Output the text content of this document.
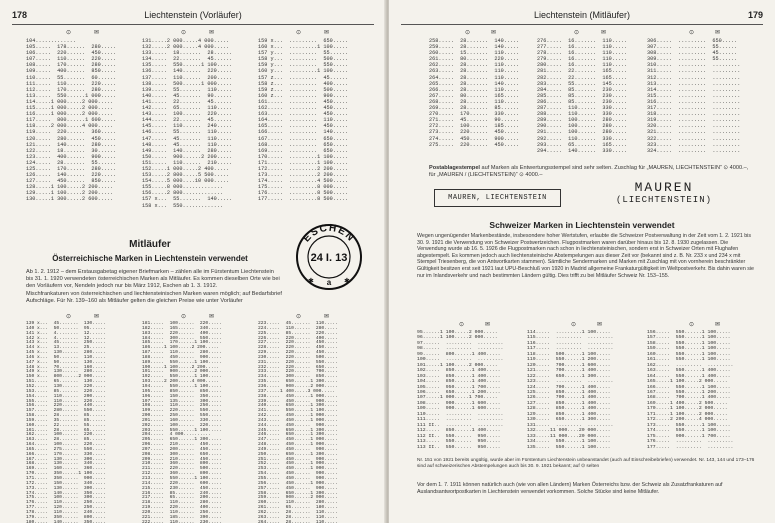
178	Liechtenstein (Vorläufer)
⊙	✉	⊙	✉	⊙	✉
104.............
105.....  178......  280.....
106.....  220......  450.....
107.....  110......  220.....
108.....  170......  280.....
109.....  400......  850.....
110.....  55.......  60......
111.....  110......  220.....
112.....  170......  280.....
113.....  550......1 000.....
114.....1 000.....2 000.....
115.....1 000.....2 000.....
116.....1 000.....2 000.....
117.....  800......1 600.....
118.....2 000.....4 000.....
119.....  220......  360.....
120.....  280......  450.....
121.....  140......  280.....
122.....  18.......  30......
123.....  400......  900.....
124.....  28.......  55......
125.....  170......  280.....
126.....  140......  220.....
127.....  450......  850.....
128.....1 100.....2 200.....
129.....1 100.....2 200.....
130.....1 300.....2 600.....
131.....2 000.....4 000.....
132.....2 000.....4 000.....
133.....  18.......  28......
134.....  22.......  45......
135.....  550......1 100.....
136.....  140......  220.....
137.....  110......  200.....
138.....  500......1 000.....
139.....  55.......  110.....
140.....  45.......  90......
141.....  22.......  45......
142.....  65.......  110.....
143.....  100......  220.....
144.....  22.......  45......
145.....  110......  240.....
146.....  55.......  110.....
147.....  45.......  110.....
148.....  45.......  110.....
149.....  140......  280.....
150.....  900......2 200.....
151.....  110......  210.....
152.....1 000.....2 400.....
153.....2 800.....5 500.....
154.....5 000....10 000.....
155.....8 000.............
156.....2 800.............
157 x...  55.......  140.....
158 x...  550.............
159 x...  .........  650.....
160 x...  .........1 100.....
157 y...  .........  55......
158 y...  .........  500.....
159 y...  .........  550.....
160 y...  .........1 100.....
157 z...  .........  45......
158 z...  .........  400.....
159 z...  .........  500.....
160 z...  .........  900.....
161.....  .........  450.....
162.....  .........  450.....
163.....  .........  450.....
164.....  .........  110.....
165.....  .........  450.....
166.....  .........  140.....
167.....  .........  650.....
168.....  .........  650.....
169.....  .........  650.....
170.....  .........1 100.....
171.....  .........1 100.....
172.....  .........2 200.....
173.....  .........2 200.....
174.....  .........4 500.....
175.....  .........8 000.....
176.....  .........8 500.....
177.....  .........8 500.....
Mitläufer
Österreichische Marken in Liechtenstein verwendet
Ab 1. 2. 1912 – dem Erstausgabetag eigener Briefmarken – zählen alle im Fürstentum Liechtenstein bis 31. 1. 1920 verwendeten österreichischen Marken als Mitläufer. Es kommen dieselben Orte wie bei den Vorläufern vor, Nendeln jedoch nur bis März 1912, Eschen ab 1. 3. 1912.
Mischfrankaturen von österreichischen und liechtensteinischen Marken waren möglich; auf Bedarfsbrief Aufschläge. Für Nr. 139–160 als Mitläufer gelten die gleichen Preise wie unter Vorläufer
ESCHEN
24 I. 13
a
✱	✱
⊙	✉	⊙	✉	⊙	✉
139 x...  45.......  130.....
140 x...  50.......  95......
141 x...  4........  12......
142 x...  4........  12......
143 x...  45.......  250.....
144 x...  13.......  25......
145 x...  130......  280.....
146 x...  50.......  110.....
147 x...  50.......  130.....
148 x...  70.......  160.....
149 x...  130......  280.....
150 x...  800......2 000.....
151.....  65.......  130.....
152.....  130......  220.....
153.....  85.......  220.....
154.....  110......  200.....
155.....  110......  220.....
156.....  220......  440.....
157.....  280......  550.....
158.....  28.......  85......
159.....  35.......  85......
160.....  22.......  55......
161.....  28.......  65......
162.....  100......  220.....
163.....  28.......  85......
164.....  100......  220.....
165.....  275......  550.....
166.....  170......  330.....
167.....  130......  300.....
168.....  130......  340.....
169.....  160......  360.....
170.....  350......1 100.....
171.....  350......  900.....
172.....  150......  340.....
173.....  130......  300.....
174.....  140......  350.....
175.....  100......  300.....
176.....  110......  250.....
177.....  120......  250.....
178.....  110......  240.....
179.....  350......  800.....
180.....  140......  350.....
181.....  100......  220.....
182.....  165......  340.....
183.....  220......  400.....
184.....  300......  550.....
185.....  170......1 100.....
186.....1 100.....2 200.....
187.....  110......  280.....
188.....  450......  900.....
189.....  550......1 100.....
190.....1 100.....2 200.....
191.....  900......2 000.....
192.....  550......1 100.....
193.....2 200.....4 000.....
194.....  550......1 100.....
195.....  850......  850.....
196.....  150......  350.....
197.....  135......  300.....
198.....  110......  250.....
199.....  220......  550.....
200.....  250......  550.....
201.....  160......  330.....
202.....  100......  220.....
203.....  550......1 100.....
204.....  4 000..........
205.....  650......1 300.....
206.....  210......  450.....
207.....  200......  450.....
208.....  300......  650.....
209.....  210......  450.....
210.....  360......  800.....
211.....  220......  500.....
212.....  360......  800.....
213.....  550......1 100.....
214.....  220......  600.....
215.....  230......  450.....
216.....  85.......  240.....
217.....  65.......  200.....
218.....  110......  280.....
219.....  220......  400.....
220.....  110......  250.....
221.....  185......  390.....
222.....  110......  230.....
223.....  45.......  110.....
224.....  110......  280.....
225.....  85.......  220.....
226.....  220......  400.....
227.....  220......  450.....
228.....  220......  450.....
229.....  220......  450.....
230.....  220......  500.....
231.....  220......  550.....
232.....  220......  650.....
233.....  220......  700.....
234.....  300......  850.....
235.....  650......1 300.....
236.....  900......2 000.....
237.....1 400.....3 000.....
238.....  450......1 000.....
239.....  450......  900.....
240.....  650......1 300.....
241.....  550......1 100.....
242.....  450......1 000.....
243.....  450......1 000.....
244.....  450......  900.....
245.....  650......1 300.....
246.....  650......1 300.....
247.....  450......1 000.....
248.....  450......1 000.....
249.....  450......  900.....
250.....  650......1 300.....
251.....  450......  900.....
252.....  450......1 000.....
253.....  450......1 000.....
254.....  450......  900.....
255.....  450......  900.....
256.....  450......1 000.....
257.....  450......  900.....
258.....  650......1 300.....
259.....  900......2 000.....
260.....  110......  280.....
261.....  65.......  180.....
262.....  28.......  110.....
263.....  28.......  110.....
264.....  28.......  110.....
Liechtenstein (Mitläufer)	179
⊙	✉	⊙	✉	⊙	✉
258.....  28.......  140.....
259.....  28.......  140.....
260.....  15.......  110.....
261.....  80.......  220.....
262.....  28.......  110.....
263.....  28.......  110.....
264.....  28.......  110.....
265.....  28.......  140.....
266.....  28.......  110.....
267.....  80.......  165.....
268.....  28.......  110.....
269.....  28.......  85......
270.....  170......  330.....
271.....  45.......  90......
272.....  100......  185.....
273.....  220......  450.....
274.....  450......  900.....
275.....  220......  450.....
276.....  16.......  110.....
277.....  16.......  110.....
278.....  16.......  110.....
279.....  16.......  110.....
280.....  16.......  110.....
281.....  22.......  165.....
282.....  22.......  165.....
283.....  55.......  145.....
284.....  85.......  230.....
285.....  85.......  230.....
286.....  85.......  230.....
287.....  110......  330.....
288.....  110......  330.....
289.....  100......  280.....
290.....  100......  280.....
291.....  100......  280.....
292.....  110......  330.....
293.....  65.......  165.....
294.....  140......  330.....
306.....  .........  650.....
307.....  .........  55......
308.....  .........  45......
309.....  .........  55......
310.....  .........  .........
311.....  .........  .........
312.....  .........  .........
313.....  .........  .........
314.....  .........  .........
315.....  .........  .........
316.....  .........  .........
317.....  .........  .........
318.....  .........  .........
319.....  .........  .........
320.....  .........  .........
321.....  .........  .........
322.....  .........  .........
323.....  .........  .........
324.....  .........  .........
Postablagestempel auf Marken als Entwertungsstempel sind sehr selten. Zuschlag für „MAUREN, LIECHTENSTEIN“ ⊙ 4000.–, für „MAUREN / (LIECHTENSTEIN)“ ⊙ 4000.–
MAUREN, LIECHTENSTEIN
MAUREN
(LIECHTENSTEIN)
Schweizer Marken in Liechtenstein verwendet
Wegen ungenügender Markenbestände, insbesondere hoher Wertstufen, erlaubte die Schweizer Postverwaltung in der Zeit vom 1. 2. 1921 bis 30. 9. 1921 die Verwendung von Schweizer Postwertzeichen. Flugpostmarken waren darüber hinaus bis 12. 8. 1930 zugelassen. Die Verwendung wurde ab 16. 5. 1926 die Flugpostmarken nach schon in liechtensteinischen, sondern erst in Schweizer Orten mit Flughafen abgestempelt. Es kommen jedoch auch liechtensteinische Abstempelungen aus dieser Zeit vor (bekannt sind z. B. Nr. 233 x und 234 x mit Stempel Triesenberg, die von Antwortkarten stammen). Sämtliche Sendermarken und Marken mit Zuschlag mit von vornherein beschränkter Gültigkeit besitzen erst seit 1921 laut UPU-Beschluß von 1920 in Madrid allgemeine Frankaturgültigkeit im Weltpostverkehr. Bis dahin waren sie nur im Inlandsverkehr und nach bestimmten Ländern gültig. Dies trifft zu bei Mitläufer Schweiz Nr. 153–155.
⊙	✉	⊙	✉	⊙	✉
95......1 100.....2 000.....
96......1 100.....2 000.....
97......  .........  .........
98......  .........  .........
99......  800......1 400.....
100.....  .........  .........
101.....1 100.....2 000.....
102.....  850......1 400.....
103.....  850......1 400.....
104.....  850......1 400.....
105.....  950......1 700.....
106.....  650......1 200.....
107.....1 000.....1 700.....
108.....  900......1 600.....
109.....  900......1 600.....
110.....  .........  .........
111.....  .........  .........
111 II..  .........  .........
112.....  850......1 400.....
112 II..  550......  950.....
113.....  550......  950.....
113 II..  550......  950.....
114.....  .........1 100.....
115.....  .........  .........
116.....  .........  .........
117.....  .........  .........
118.....  500......1 100.....
119.....  550......1 200.....
120.....  700......1 600.....
121.....  700......1 400.....
122.....  650......1 300.....
123.....  .........  .........
124.....  700......1 400.....
125.....  850......1 400.....
126.....  700......1 400.....
127.....  850......1 400.....
128.....  850......1 400.....
129.....  850......1 400.....
130.....  650......1 300.....
131.....  .........  .........
132.....11 000....20 000.....
133.....11 000....20 000.....
134.....  550......1 100.....
135.....  550......1 100.....
156.....  550......1 100.....
157.....  550......1 100.....
158.....  550......1 100.....
159.....  550......1 100.....
160.....  550......1 100.....
161.....  550......1 100.....
162.....  .........  .........
163.....  550......1 400.....
164.....  550......1 400.....
165.....1 100.....2 000.....
166.....  550......1 100.....
167.....  550......1 200.....
168.....  700......1 400.....
169.....1 400.....2 500.....
170.....1 100.....2 000.....
171.....1 100.....2 000.....
172.....2 200.....4 000.....
173.....  550......1 100.....
174.....  550......1 100.....
175.....  900......1 700.....
176.....  .........  .........
177.....  .........  .........
Nr. 151 von 1921 bereits ungültig, wurde aber im Fürstentum Liechtenstein unbeanstandet (auch auf Einschreibebriefen) verwendet. Nr. 143, 144 und 173–176 sind auf schweizerischen Abstempelungen auch bis 30. 9. 1921 bekannt; auf ⊙ selten
Vor dem 1. 7. 1911 können natürlich auch (wie von allen Ländern) Marken Österreichs bzw. der Schweiz als Zusatzfrankaturen auf Auslandsantwortpostkarten in Liechtenstein verwendet vorkommen. Solche Stücke sind keine Mitläufer.
